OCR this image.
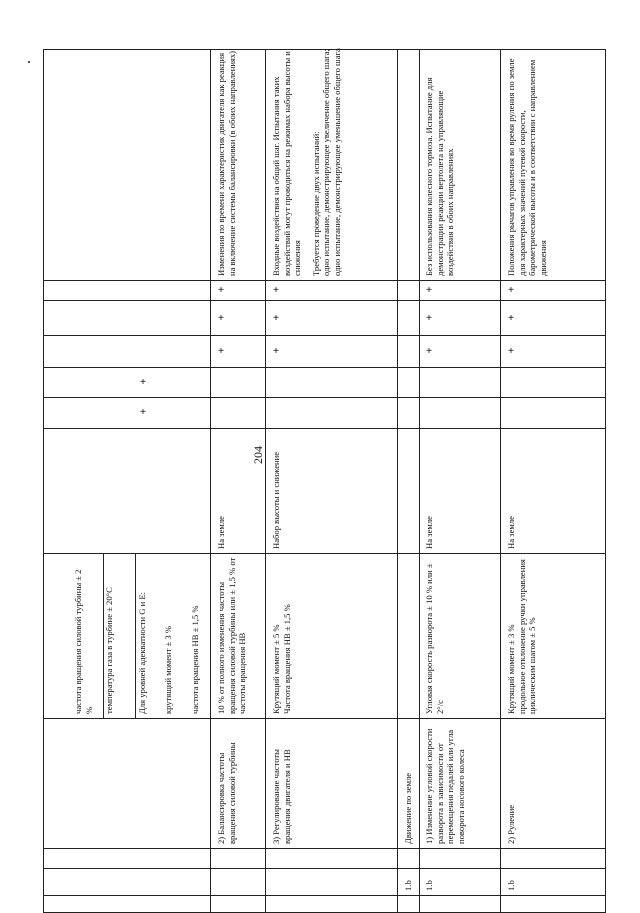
204
частота вращения силовой турбины ± 2 % температура газа в турбине ± 20°C	Для уровней адекватности G и E: крутящий момент ± 3 % частота вращения НВ ± 1,5 %
2) Балансировка частоты вращения силовой турбины
10 % от полного изменения частоты вращения силовой турбины или ± 1,5 % от частоты вращения НВ
На земле
Изменения по времени характеристик двигателя как реакция на включение системы балансировки (в обоих направлениях)
3) Регулирование частоты вращения двигателя и НВ
Крутящий момент ± 5 % Частота вращения НВ ± 1,5 %
Набор высоты и снижение
Входные воздействия на общий шаг. Испытания таких воздействий могут проводиться на режимах набора высоты и снижения Требуется проведение двух испытаний: одно испытание, демонстрирующее увеличение общего шага; одно испытание, демонстрирующее уменьшение общего шага
1.b
Движение по земле
1.b
1) Изменение угловой скорости разворота в зависимости от перемещения педалей или угла поворота носового колеса
Угловая скорость разворота ± 10 % или ± 2°/c
На земле
Без использования колесного тормоза. Испытание для демонстрации реакции вертолета на управляющие воздействия в обоих направлениях
1.b
2) Руление
Крутящий момент ± 3 % продольное отклонение ручки управления циклическим шагом ± 5 %
На земле
Положения рычагов управления во время руления по земле для характерных значений путевой скорости, барометрической высоты и в соответствии с направлением движения
+
+
+
+
+
+
+
+
+
+
+
+
+
+
